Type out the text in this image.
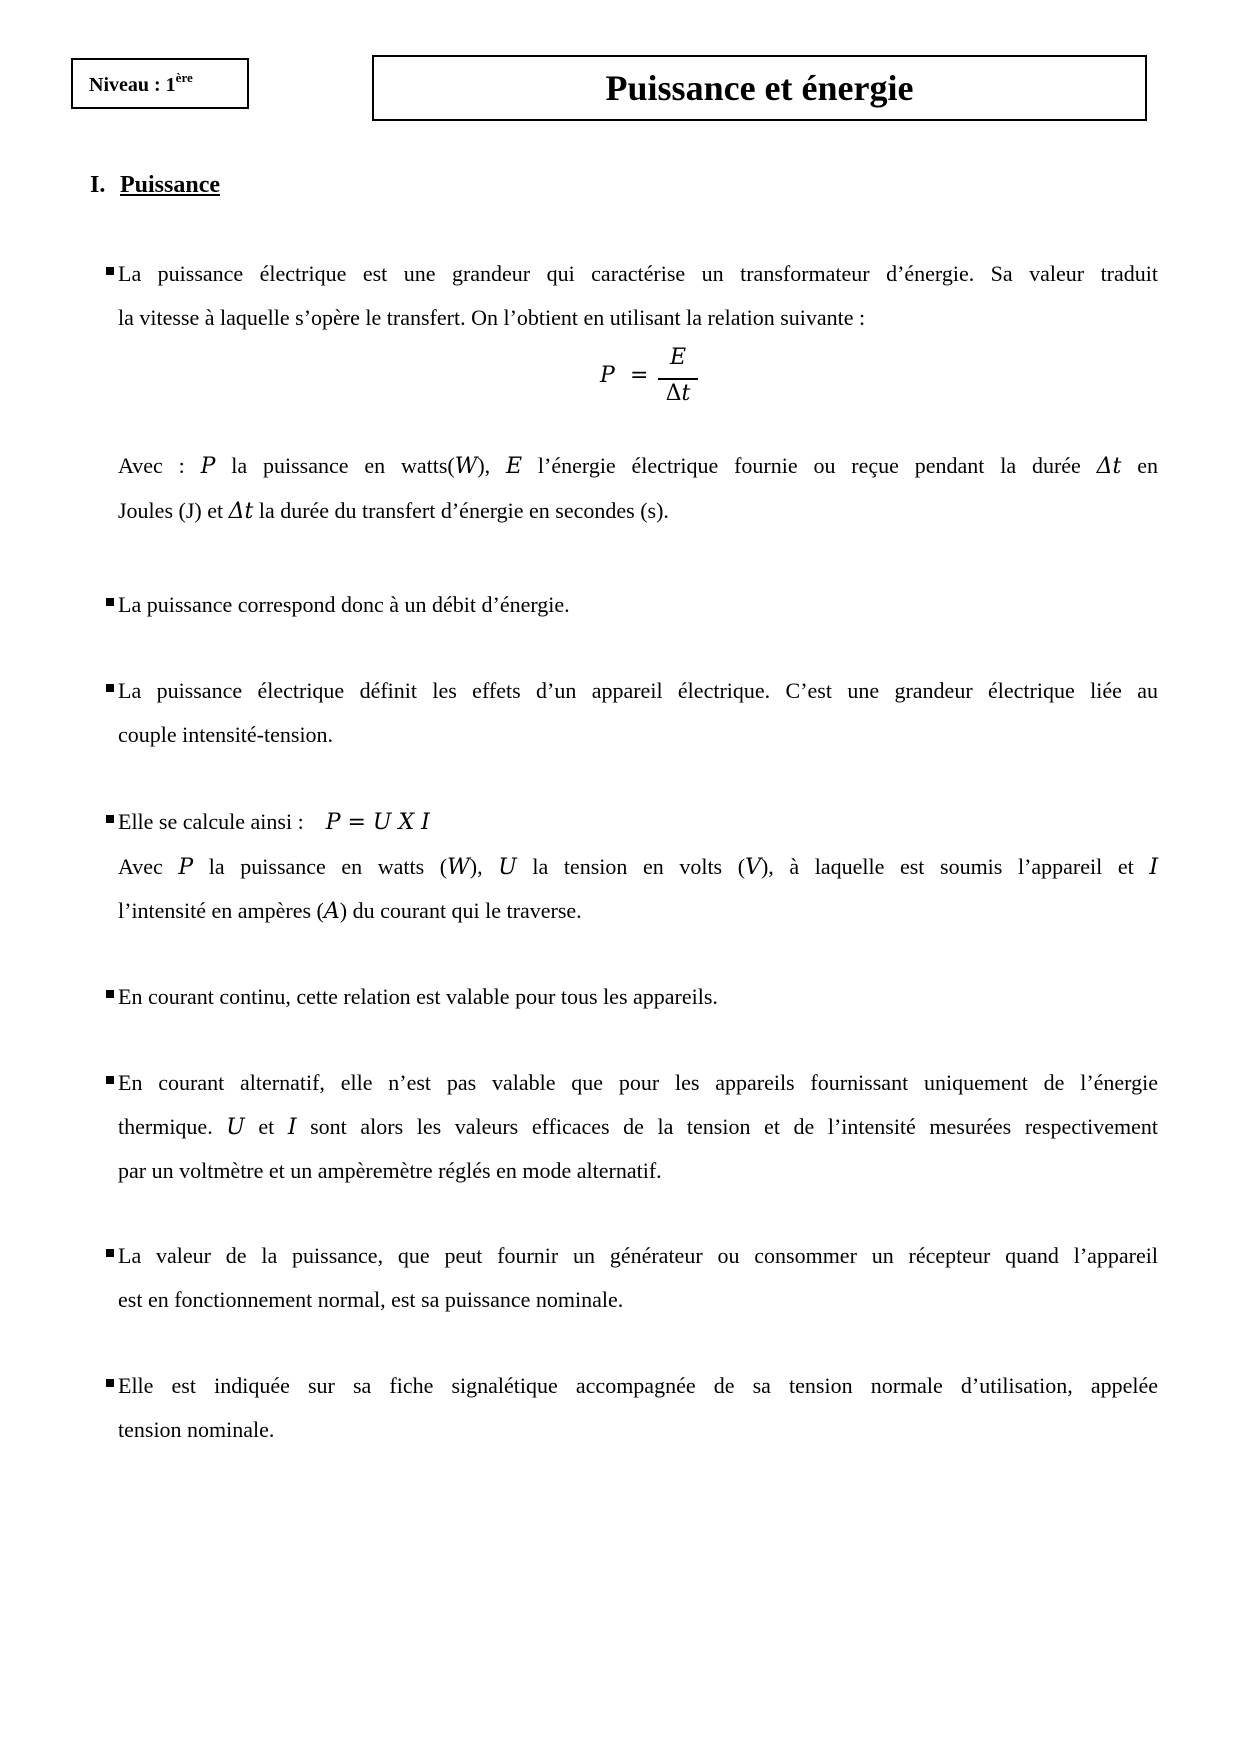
Niveau : 1ère	Puissance et énergie
I. Puissance
La puissance électrique est une grandeur qui caractérise un transformateur d’énergie. Sa valeur traduit
la vitesse à laquelle s’opère le transfert. On l’obtient en utilisant la relation suivante :
P =
E
Δt
Avec : P la puissance en watts(W), E l’énergie électrique fournie ou reçue pendant la durée Δt en
Joules (J) et Δt la durée du transfert d’énergie en secondes (s).
La puissance correspond donc à un débit d’énergie.
La puissance électrique définit les effets d’un appareil électrique. C’est une grandeur électrique liée au
couple intensité-tension.
Elle se calcule ainsi :    P = U X I
Avec P la puissance en watts (W), U la tension en volts (V), à laquelle est soumis l’appareil et I
l’intensité en ampères (A) du courant qui le traverse.
En courant continu, cette relation est valable pour tous les appareils.
En courant alternatif, elle n’est pas valable que pour les appareils fournissant uniquement de l’énergie
thermique. U et I sont alors les valeurs efficaces de la tension et de l’intensité mesurées respectivement
par un voltmètre et un ampèremètre réglés en mode alternatif.
La valeur de la puissance, que peut fournir un générateur ou consommer un récepteur quand l’appareil
est en fonctionnement normal, est sa puissance nominale.
Elle est indiquée sur sa fiche signalétique accompagnée de sa tension normale d’utilisation, appelée
tension nominale.
